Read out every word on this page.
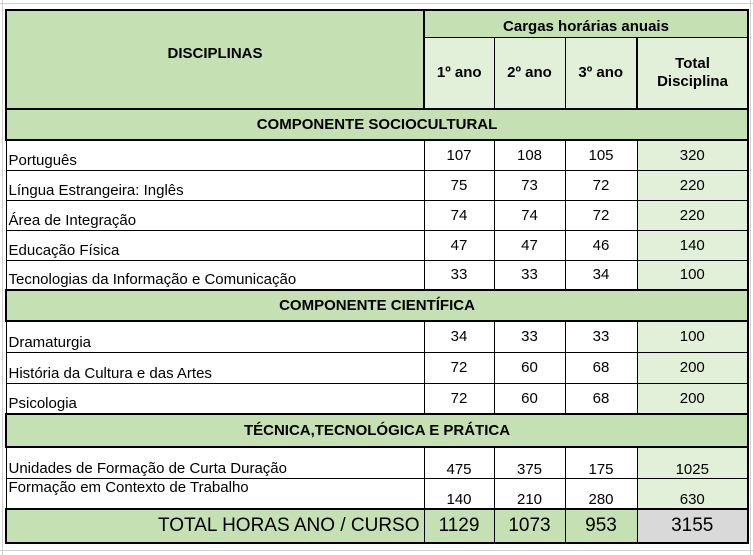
DISCIPLINAS	Cargas horárias anuais			
	1º ano	2º ano	3º ano	Total
Disciplina

COMPONENTE SOCIOCULTURAL				
Português	107	108	105	320
Língua Estrangeira: Inglês	75	73	72	220
Área de Integração	74	74	72	220
Educação Física	47	47	46	140
Tecnologias da Informação e Comunicação	33	33	34	100
COMPONENTE CIENTÍFICA				
Dramaturgia	34	33	33	100
História da Cultura e das Artes	72	60	68	200
Psicologia	72	60	68	200
TÉCNICA,TECNOLÓGICA E PRÁTICA				
Unidades de Formação de Curta Duração	475	375	175	1025
Formação em Contexto de Trabalho	140	210	280	630
TOTAL HORAS ANO / CURSO	1129	1073	953	3155
